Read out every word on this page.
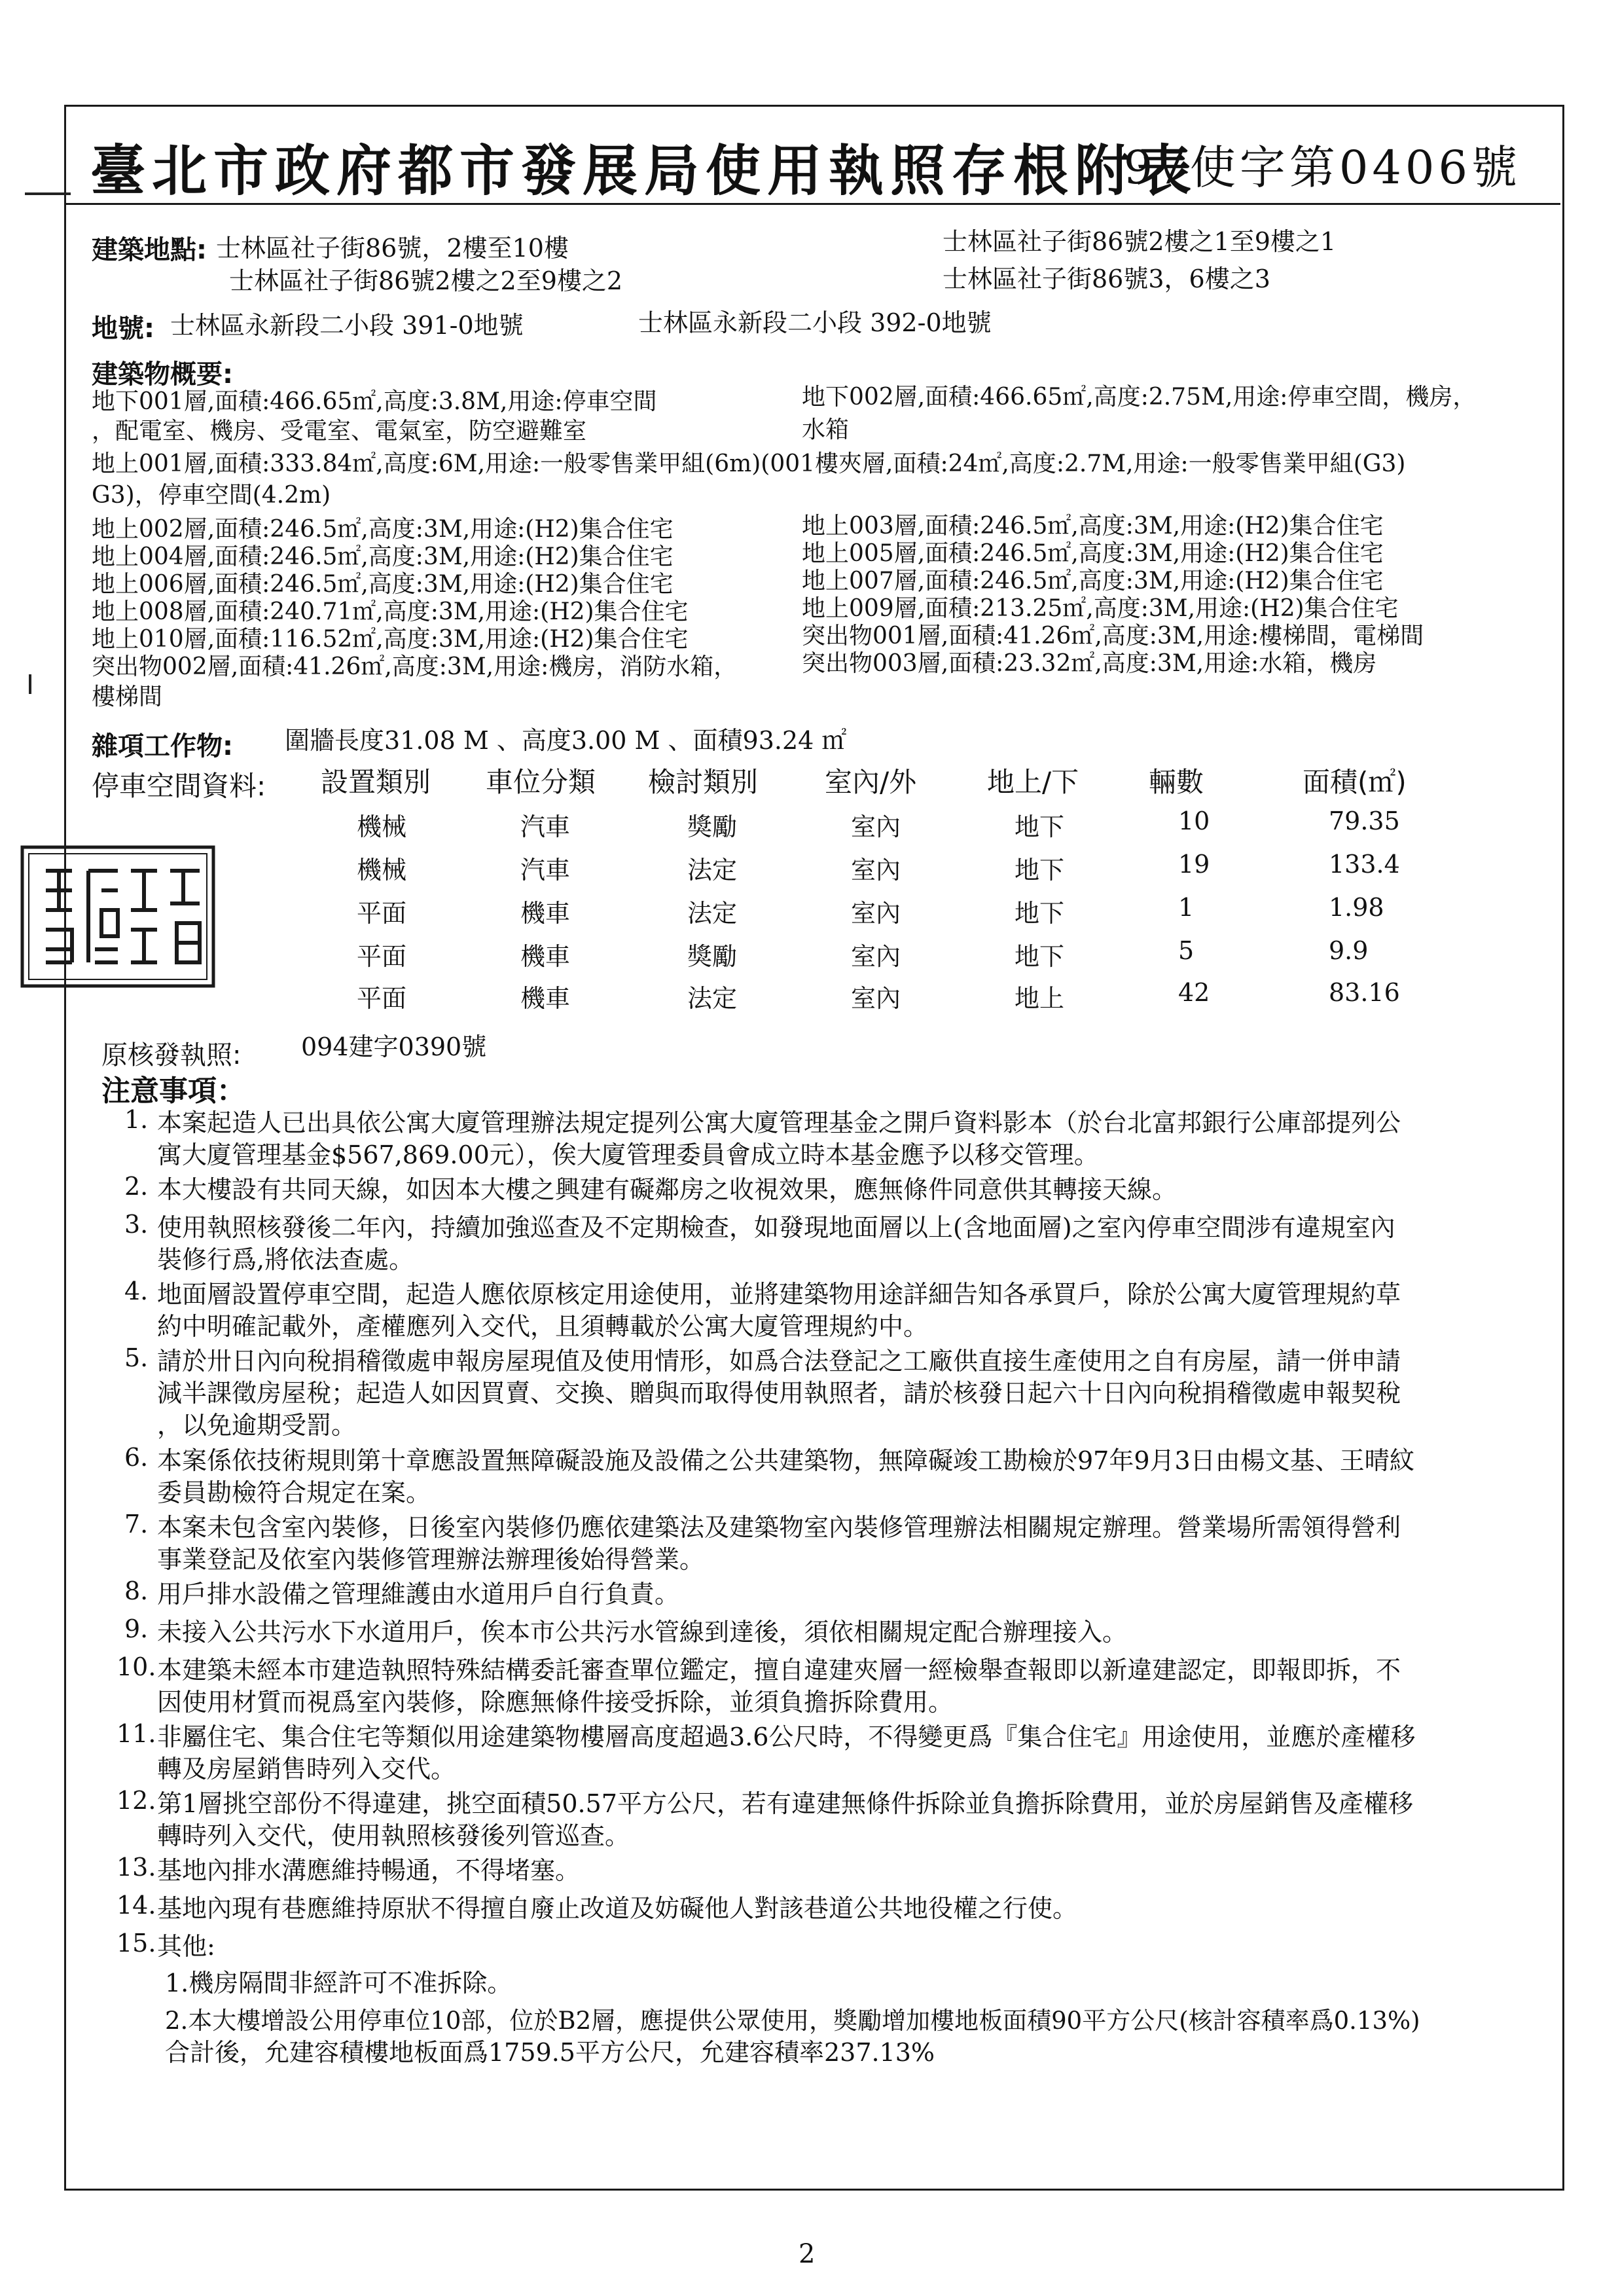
臺北市政府都市發展局使用執照存根附表
97使字第0406號
建築地點: 士林區社子街86號，2樓至10樓	士林區社子街86號2樓之1至9樓之1
士林區社子街86號2樓之2至9樓之2	士林區社子街86號3，6樓之3
地號: 士林區永新段二小段 391-0地號	士林區永新段二小段 392-0地號
建築物概要:
地下001層,面積:466.65㎡,高度:3.8M,用途:停車空間
，配電室、機房、受電室、電氣室，防空避難室
地下002層,面積:466.65㎡,高度:2.75M,用途:停車空間，機房，
水箱
地上001層,面積:333.84㎡,高度:6M,用途:一般零售業甲組(6m)(001樓夾層,面積:24㎡,高度:2.7M,用途:一般零售業甲組(G3)
G3)，停車空間(4.2m)
地上002層,面積:246.5㎡,高度:3M,用途:(H2)集合住宅
地上004層,面積:246.5㎡,高度:3M,用途:(H2)集合住宅
地上006層,面積:246.5㎡,高度:3M,用途:(H2)集合住宅
地上008層,面積:240.71㎡,高度:3M,用途:(H2)集合住宅
地上010層,面積:116.52㎡,高度:3M,用途:(H2)集合住宅
突出物002層,面積:41.26㎡,高度:3M,用途:機房，消防水箱，
樓梯間
地上003層,面積:246.5㎡,高度:3M,用途:(H2)集合住宅
地上005層,面積:246.5㎡,高度:3M,用途:(H2)集合住宅
地上007層,面積:246.5㎡,高度:3M,用途:(H2)集合住宅
地上009層,面積:213.25㎡,高度:3M,用途:(H2)集合住宅
突出物001層,面積:41.26㎡,高度:3M,用途:樓梯間，電梯間
突出物003層,面積:23.32㎡,高度:3M,用途:水箱，機房
雜項工作物: 圍牆長度31.08 M 、高度3.00 M 、面積93.24 ㎡
停車空間資料: 設置類別 車位分類 檢討類別 室內/外	地上/下	輛數	面積(㎡)
機械	汽車	獎勵	室內	地下	10	79.35
機械	汽車	法定	室內	地下	19	133.4
平面	機車	法定	室內	地下	1	1.98
平面	機車	獎勵	室內	地下	5	9.9
平面	機車	法定	室內	地上	42	83.16
原核發執照: 094建字0390號
注意事項：
1. 本案起造人已出具依公寓大廈管理辦法規定提列公寓大廈管理基金之開戶資料影本（於台北富邦銀行公庫部提列公
寓大廈管理基金$567,869.00元），俟大廈管理委員會成立時本基金應予以移交管理。
2. 本大樓設有共同天線，如因本大樓之興建有礙鄰房之收視效果，應無條件同意供其轉接天線。
3. 使用執照核發後二年內，持續加強巡查及不定期檢查，如發現地面層以上(含地面層)之室內停車空間涉有違規室內
裝修行爲,將依法查處。
4. 地面層設置停車空間，起造人應依原核定用途使用，並將建築物用途詳細告知各承買戶，除於公寓大廈管理規約草
約中明確記載外，產權應列入交代，且須轉載於公寓大廈管理規約中。
5. 請於卅日內向稅捐稽徵處申報房屋現值及使用情形，如爲合法登記之工廠供直接生產使用之自有房屋，請一併申請
減半課徵房屋稅；起造人如因買賣、交換、贈與而取得使用執照者，請於核發日起六十日內向稅捐稽徵處申報契稅
，以免逾期受罰。
6. 本案係依技術規則第十章應設置無障礙設施及設備之公共建築物，無障礙竣工勘檢於97年9月3日由楊文基、王晴紋
委員勘檢符合規定在案。
7. 本案未包含室內裝修，日後室內裝修仍應依建築法及建築物室內裝修管理辦法相關規定辦理。營業場所需領得營利
事業登記及依室內裝修管理辦法辦理後始得營業。
8. 用戶排水設備之管理維護由水道用戶自行負責。
9. 未接入公共污水下水道用戶，俟本市公共污水管線到達後，須依相關規定配合辦理接入。
10. 本建築未經本市建造執照特殊結構委託審查單位鑑定，擅自違建夾層一經檢舉查報即以新違建認定，即報即拆，不
因使用材質而視爲室內裝修，除應無條件接受拆除，並須負擔拆除費用。
11. 非屬住宅、集合住宅等類似用途建築物樓層高度超過3.6公尺時，不得變更爲『集合住宅』用途使用，並應於產權移
轉及房屋銷售時列入交代。
12. 第1層挑空部份不得違建，挑空面積50.57平方公尺，若有違建無條件拆除並負擔拆除費用，並於房屋銷售及產權移
轉時列入交代，使用執照核發後列管巡查。
13. 基地內排水溝應維持暢通，不得堵塞。
14. 基地內現有巷應維持原狀不得擅自廢止改道及妨礙他人對該巷道公共地役權之行使。
15. 其他:
1.機房隔間非經許可不准拆除。
2.本大樓增設公用停車位10部，位於B2層，應提供公眾使用，獎勵增加樓地板面積90平方公尺(核計容積率爲0.13%)
合計後，允建容積樓地板面爲1759.5平方公尺，允建容積率237.13%
2
